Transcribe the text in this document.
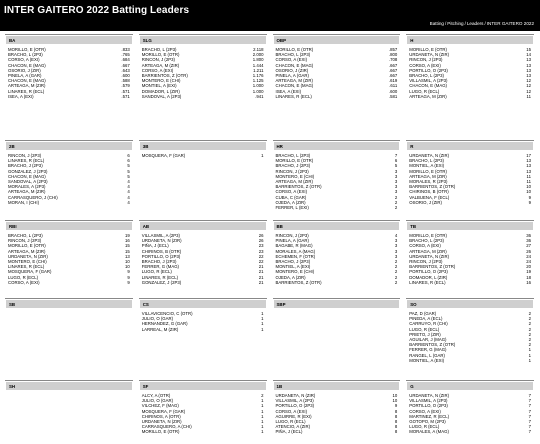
INTER GAITERO 2022 Batting Leaders
Batting/Pitching/Leaders/INTER GAITERO 2022
BA
MORILLO, E (OTR)	.833
BRACHO, L (2P3)	.765
CORSO, A (EXI)	.684
CHACON, E (MAG)	.667
OSORIO, J (ZIR)	.643
PINELA, A (GAR)	.600
CHACON, E (MAG)	.588
ARTEAGA, M (ZIR)	.579
LINARES, R (ECL)	.571
ISEA, A (EXI)	.571
SLG
BRACHO, L (2P3)	2.118
MORILLO, E (OTR)	2.000
RINCON, J (2P3)	1.800
ARTEAGA, M (ZIR)	1.444
CORSO, A (EXI)	1.211
BARRIENTOS, Z (OTR)	1.176
MONTERO, E (CHI)	1.125
MONTIEL, A (EXI)	1.000
DOMADOR, L (ZIR)	1.000
SANDOVAL, A (2P3)	.941
OBP
MORILLO, E (OTR)	.857
BRACHO, L (2P3)	.800
CORSO, A (EXI)	.708
CHACON, E (MAG)	.667
OSORIO, J (ZIR)	.667
PINELA, A (GAR)	.667
ARTEAGA, M (ZIR)	.619
CHACON, E (MAG)	.611
ISEA, A (EXI)	.600
LINARES, R (ECL)	.581
H
MORILLO, E (OTR)	15
URDANETA, N (ZIR)	14
RINCON, J (2P3)	13
CORSO, A (EXI)	13
PORTILLO, O (2P3)	13
BRACHO, L (2P3)	13
VILLASMIL, A (2P3)	12
CHACON, E (MAG)	12
LUGO, R (ECL)	12
ARTEAGA, M (ZIR)	11
2B
RINCON, J (2P3)	6
LINARES, R (ECL)	6
BRACHO, J (2P3)	5
GONZALEZ, J (2P3)	5
CHACON, E (MAG)	5
SANDOVAL, A (2P3)	4
MORALES, A (2P3)	4
ARTEAGA, M (ZIR)	4
CARRASQUERO, J (CHI)	4
MORAN, I (CHI)	4
3B
MOSQUERA, F (GAR)	1
HR
BRACHO, L (2P3)	7
MORILLO, E (OTR)	6
BRACHO, J (2P3)	5
RINCON, J (2P3)	3
MONTERO, E (CHI)	3
ARTEAGA, M (ZIR)	3
BARRIENTOS, Z (OTR)	3
CORSO, A (EXI)	3
CUBA, C (GAR)	2
OJEDA, A (ZIR)	2
FERRER, L (EXI)	2
R
URDANETA, N (ZIR)	17
BRACHO, L (2P3)	13
MONTIEL, A (EXI)	13
MORILLO, E (OTR)	13
ARTEAGA, M (ZIR)	11
MORALES, R (2P3)	11
BARRIENTOS, Z (OTR)	10
CHIRINOS, B (OTR)	10
VALBUENA, F (ECL)	9
OSORIO, J (ZIR)	9
RBI
BRACHO, L (2P3)	19
RINCON, J (2P3)	16
MORILLO, E (OTR)	15
ARTEAGA, M (ZIR)	15
URDANETA, N (ZIR)	13
MONTERO, E (CHI)	10
LINARES, R (ECL)	10
MOSQUERA, F (GAR)	9
LUGO, R (ECL)	9
CORSO, A (EXI)	9
AB
VILLASMIL, A (2P3)	26
URDANETA, N (ZIR)	26
PIÑA, J (ECL)	23
CHIRINOS, B (OTR)	23
PORTILLO, O (2P3)	22
BRACHO, J (2P3)	22
FERRER, G (MAG)	21
LUGO, R (ECL)	21
LINARES, R (ECL)	21
GONZALEZ, J (2P3)	21
BB
RINCON, J (2P3)	4
PINELA, A (GAR)	3
BAGABE, R (MAG)	3
MORALES, A (MAG)	3
ECHEMEN, F (OTR)	3
BRACHO, J (2P3)	2
MONTIEL, A (EXI)	2
MONTERO, E (CHI)	2
OJEDA, A (ZIR)	2
BARRIENTOS, Z (OTR)	2
TB
MORILLO, E (OTR)	36
BRACHO, L (2P3)	36
CORSO, A (EXI)	27
ARTEAGA, M (ZIR)	26
URDANETA, N (ZIR)	24
RINCON, J (2P3)	24
BARRIENTOS, Z (OTR)	20
PORTILLO, O (2P3)	19
DOMADOR, L (ZIR)	18
LINARES, R (ECL)	16
SB	CS
VILLAVICENCIO, C (OTR)	1
JULIO, O (GAR)	1
HERNANDEZ, G (GAR)	1
LARREAL, M (ZIR)	1
SBP	SO
PAZ, D (GAR)	2
PINEDA, A (ECL)	2
CARRUYO, R (CHI)	2
LUGO, R (ECL)	2
PRIETO, J (ZIR)	2
AGUILAR, J (MAG)	2
BARRIENTOS, Z (OTR)	2
FERRER, G (MAG)	1
RANGEL, L (GAR)	1
MONTIEL, A (EXI)	1
SH	SF
ALCY, A (OTR)	2
JULIO, O (GAR)	1
VILCHEZ, F (MAG)	1
MOSQUERA, F (GAR)	1
CHIRINOS, A (OTR)	1
URDANETA, N (ZIR)	1
CARRASQUERO, A (CHI)	1
MORILLO, E (OTR)	1
1B
URDANETA, N (ZIR)	10
VILLASMIL, A (2P3)	10
PORTILLO, O (2P3)	9
CORSO, A (EXI)	8
AGUIRRE, R (EXI)	8
LUGO, R (ECL)	8
ATENCIO, A (ZIR)	8
PIÑA, J (ECL)	8
G
URDANETA, N (ZIR)	7
VILLASMIL, A (2P3)	7
PORTILLO, O (2P3)	7
CORSO, A (EXI)	7
MARTINEZ, R (ECL)	7
GOTOPO, M (2P3)	7
LUGO, R (ECL)	7
MORALES, A (MAG)	7
